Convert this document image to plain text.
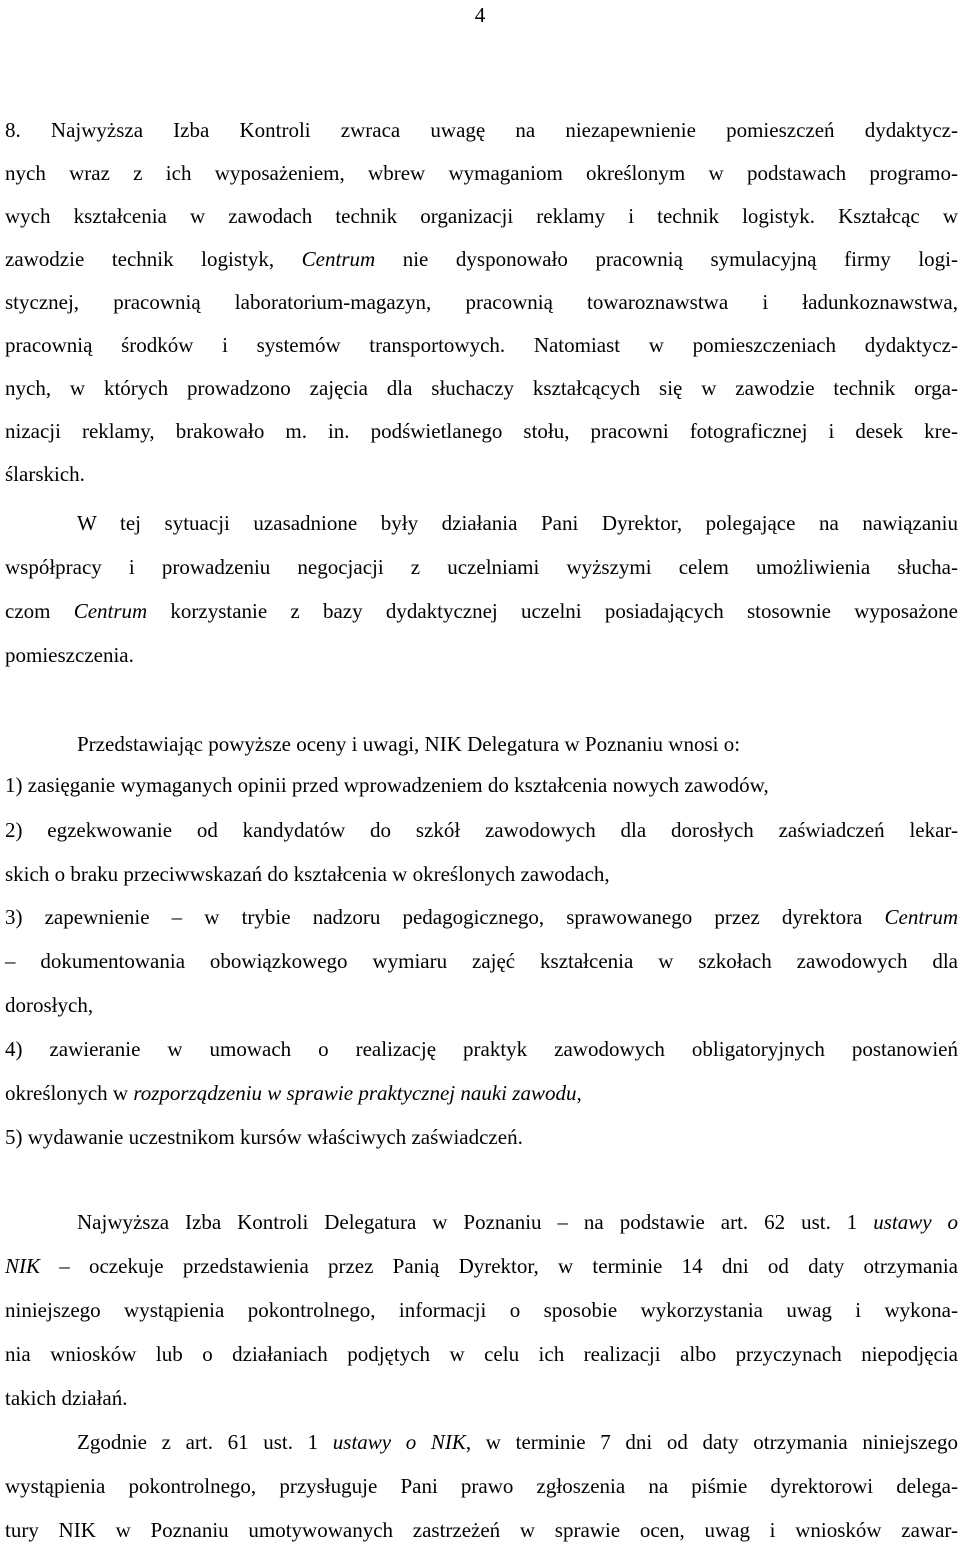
4
8. Najwyższa Izba Kontroli zwraca uwagę na niezapewnienie pomieszczeń dydaktycz-
nych wraz z ich wyposażeniem, wbrew wymaganiom określonym w podstawach programo-
wych kształcenia w zawodach technik organizacji reklamy i technik logistyk. Kształcąc w
zawodzie technik logistyk, Centrum nie dysponowało pracownią symulacyjną firmy logi-
stycznej, pracownią laboratorium-magazyn, pracownią towaroznawstwa i ładunkoznawstwa,
pracownią środków i systemów transportowych. Natomiast w pomieszczeniach dydaktycz-
nych, w których prowadzono zajęcia dla słuchaczy kształcących się w zawodzie technik orga-
nizacji reklamy, brakowało m. in. podświetlanego stołu, pracowni fotograficznej i desek kre-
ślarskich.
W tej sytuacji uzasadnione były działania Pani Dyrektor, polegające na nawiązaniu
współpracy i prowadzeniu negocjacji z uczelniami wyższymi celem umożliwienia słucha-
czom Centrum korzystanie z bazy dydaktycznej uczelni posiadających stosownie wyposażone
pomieszczenia.
Przedstawiając powyższe oceny i uwagi, NIK Delegatura w Poznaniu wnosi o:
1) zasięganie wymaganych opinii przed wprowadzeniem do kształcenia nowych zawodów,
2) egzekwowanie od kandydatów do szkół zawodowych dla dorosłych zaświadczeń lekar-
skich o braku przeciwwskazań do kształcenia w określonych zawodach,
3) zapewnienie – w trybie nadzoru pedagogicznego, sprawowanego przez dyrektora Centrum
– dokumentowania obowiązkowego wymiaru zajęć kształcenia w szkołach zawodowych dla
dorosłych,
4) zawieranie w umowach o realizację praktyk zawodowych obligatoryjnych postanowień
określonych w rozporządzeniu w sprawie praktycznej nauki zawodu,
5) wydawanie uczestnikom kursów właściwych zaświadczeń.
Najwyższa Izba Kontroli Delegatura w Poznaniu – na podstawie art. 62 ust. 1 ustawy o
NIK – oczekuje przedstawienia przez Panią Dyrektor, w terminie 14 dni od daty otrzymania
niniejszego wystąpienia pokontrolnego, informacji o sposobie wykorzystania uwag i wykona-
nia wniosków lub o działaniach podjętych w celu ich realizacji albo przyczynach niepodjęcia
takich działań.
Zgodnie z art. 61 ust. 1 ustawy o NIK, w terminie 7 dni od daty otrzymania niniejszego
wystąpienia pokontrolnego, przysługuje Pani prawo zgłoszenia na piśmie dyrektorowi delega-
tury NIK w Poznaniu umotywowanych zastrzeżeń w sprawie ocen, uwag i wniosków zawar-
